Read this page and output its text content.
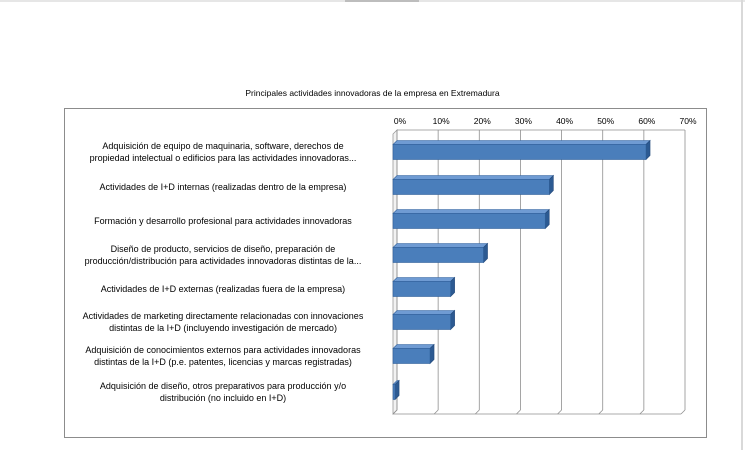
Principales actividades innovadoras de la empresa en Extremadura
Adquisición de equipo de maquinaria, software, derechos de
propiedad intelectual o edificios para las actividades innovadoras...
Actividades de I+D internas (realizadas dentro de la empresa)
Formación y desarrollo profesional para actividades innovadoras
Diseño de producto, servicios de diseño, preparación de
producción/distribución para actividades innovadoras distintas de la...
Actividades de I+D externas (realizadas fuera de la empresa)
Actividades de marketing directamente relacionadas con innovaciones
distintas de la I+D (incluyendo investigación de mercado)
Adquisición de conocimientos externos para actividades innovadoras
distintas de la I+D (p.e. patentes, licencias y marcas registradas)
Adquisición de diseño, otros preparativos para producción y/o
distribución (no incluido en I+D)
0%	10%	20%	30%	40%	50%	60%	70%
